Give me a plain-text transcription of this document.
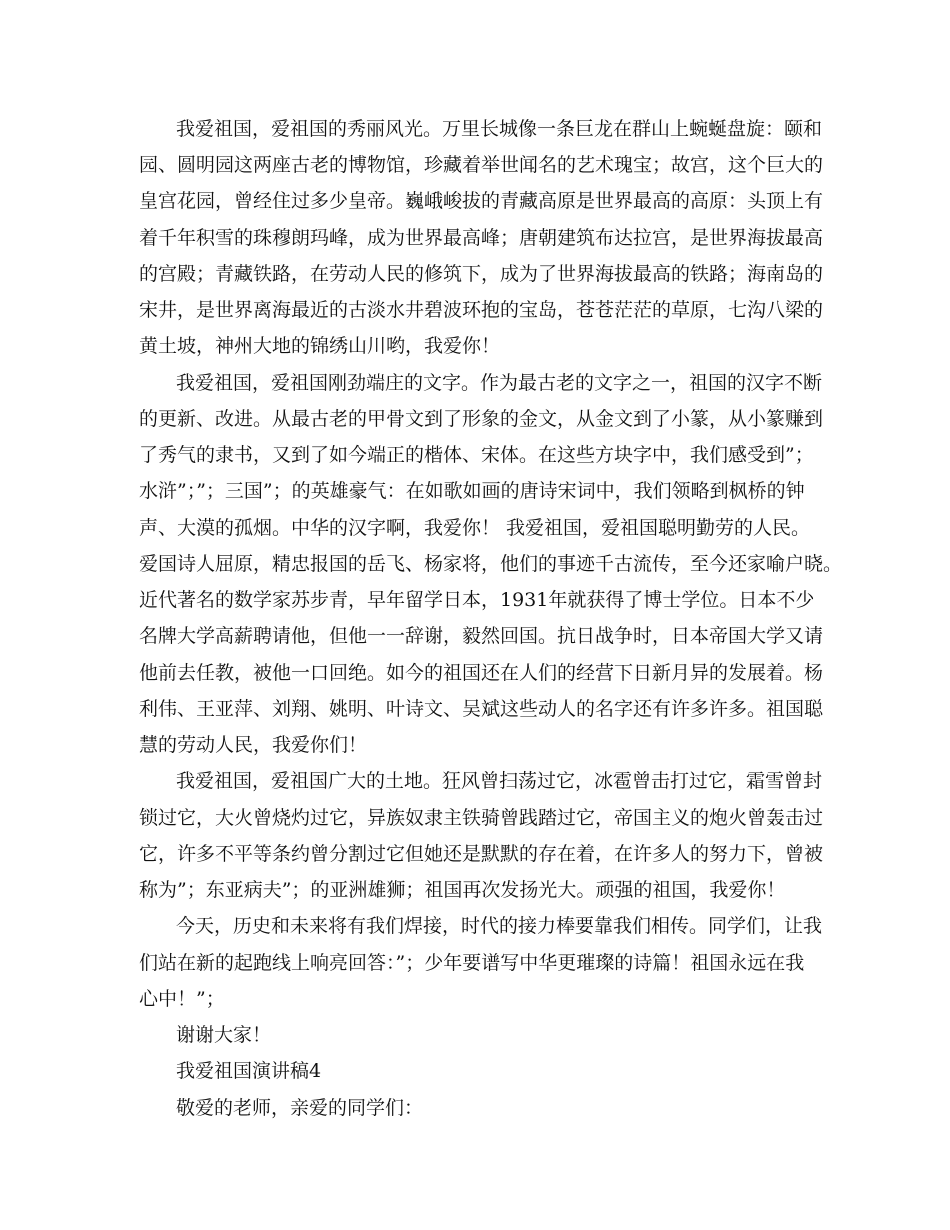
我爱祖国，爱祖国的秀丽风光。万里长城像一条巨龙在群山上蜿蜒盘旋：颐和
园、圆明园这两座古老的博物馆，珍藏着举世闻名的艺术瑰宝；故宫，这个巨大的
皇宫花园，曾经住过多少皇帝。巍峨峻拔的青藏高原是世界最高的高原：头顶上有
着千年积雪的珠穆朗玛峰，成为世界最高峰；唐朝建筑布达拉宫，是世界海拔最高
的宫殿；青藏铁路，在劳动人民的修筑下，成为了世界海拔最高的铁路；海南岛的
宋井，是世界离海最近的古淡水井碧波环抱的宝岛，苍苍茫茫的草原，七沟八梁的
黄土坡，神州大地的锦绣山川哟，我爱你！
我爱祖国，爱祖国刚劲端庄的文字。作为最古老的文字之一，祖国的汉字不断
的更新、改进。从最古老的甲骨文到了形象的金文，从金文到了小篆，从小篆赚到
了秀气的隶书，又到了如今端正的楷体、宋体。在这些方块字中，我们感受到”；
水浒”；”；三国”；的英雄豪气：在如歌如画的唐诗宋词中，我们领略到枫桥的钟
声、大漠的孤烟。中华的汉字啊，我爱你！ 我爱祖国，爱祖国聪明勤劳的人民。
爱国诗人屈原，精忠报国的岳飞、杨家将，他们的事迹千古流传，至今还家喻户晓。
近代著名的数学家苏步青，早年留学日本，1931年就获得了博士学位。日本不少
名牌大学高薪聘请他，但他一一辞谢，毅然回国。抗日战争时，日本帝国大学又请
他前去任教，被他一口回绝。如今的祖国还在人们的经营下日新月异的发展着。杨
利伟、王亚萍、刘翔、姚明、叶诗文、吴斌这些动人的名字还有许多许多。祖国聪
慧的劳动人民，我爱你们！
我爱祖国，爱祖国广大的土地。狂风曾扫荡过它，冰雹曾击打过它，霜雪曾封
锁过它，大火曾烧灼过它，异族奴隶主铁骑曾践踏过它，帝国主义的炮火曾轰击过
它，许多不平等条约曾分割过它但她还是默默的存在着，在许多人的努力下，曾被
称为”；东亚病夫”；的亚洲雄狮；祖国再次发扬光大。顽强的祖国，我爱你！
今天，历史和未来将有我们焊接，时代的接力棒要靠我们相传。同学们，让我
们站在新的起跑线上响亮回答：”；少年要谱写中华更璀璨的诗篇！祖国永远在我
心中！”；
谢谢大家！
我爱祖国演讲稿4
敬爱的老师，亲爱的同学们：
